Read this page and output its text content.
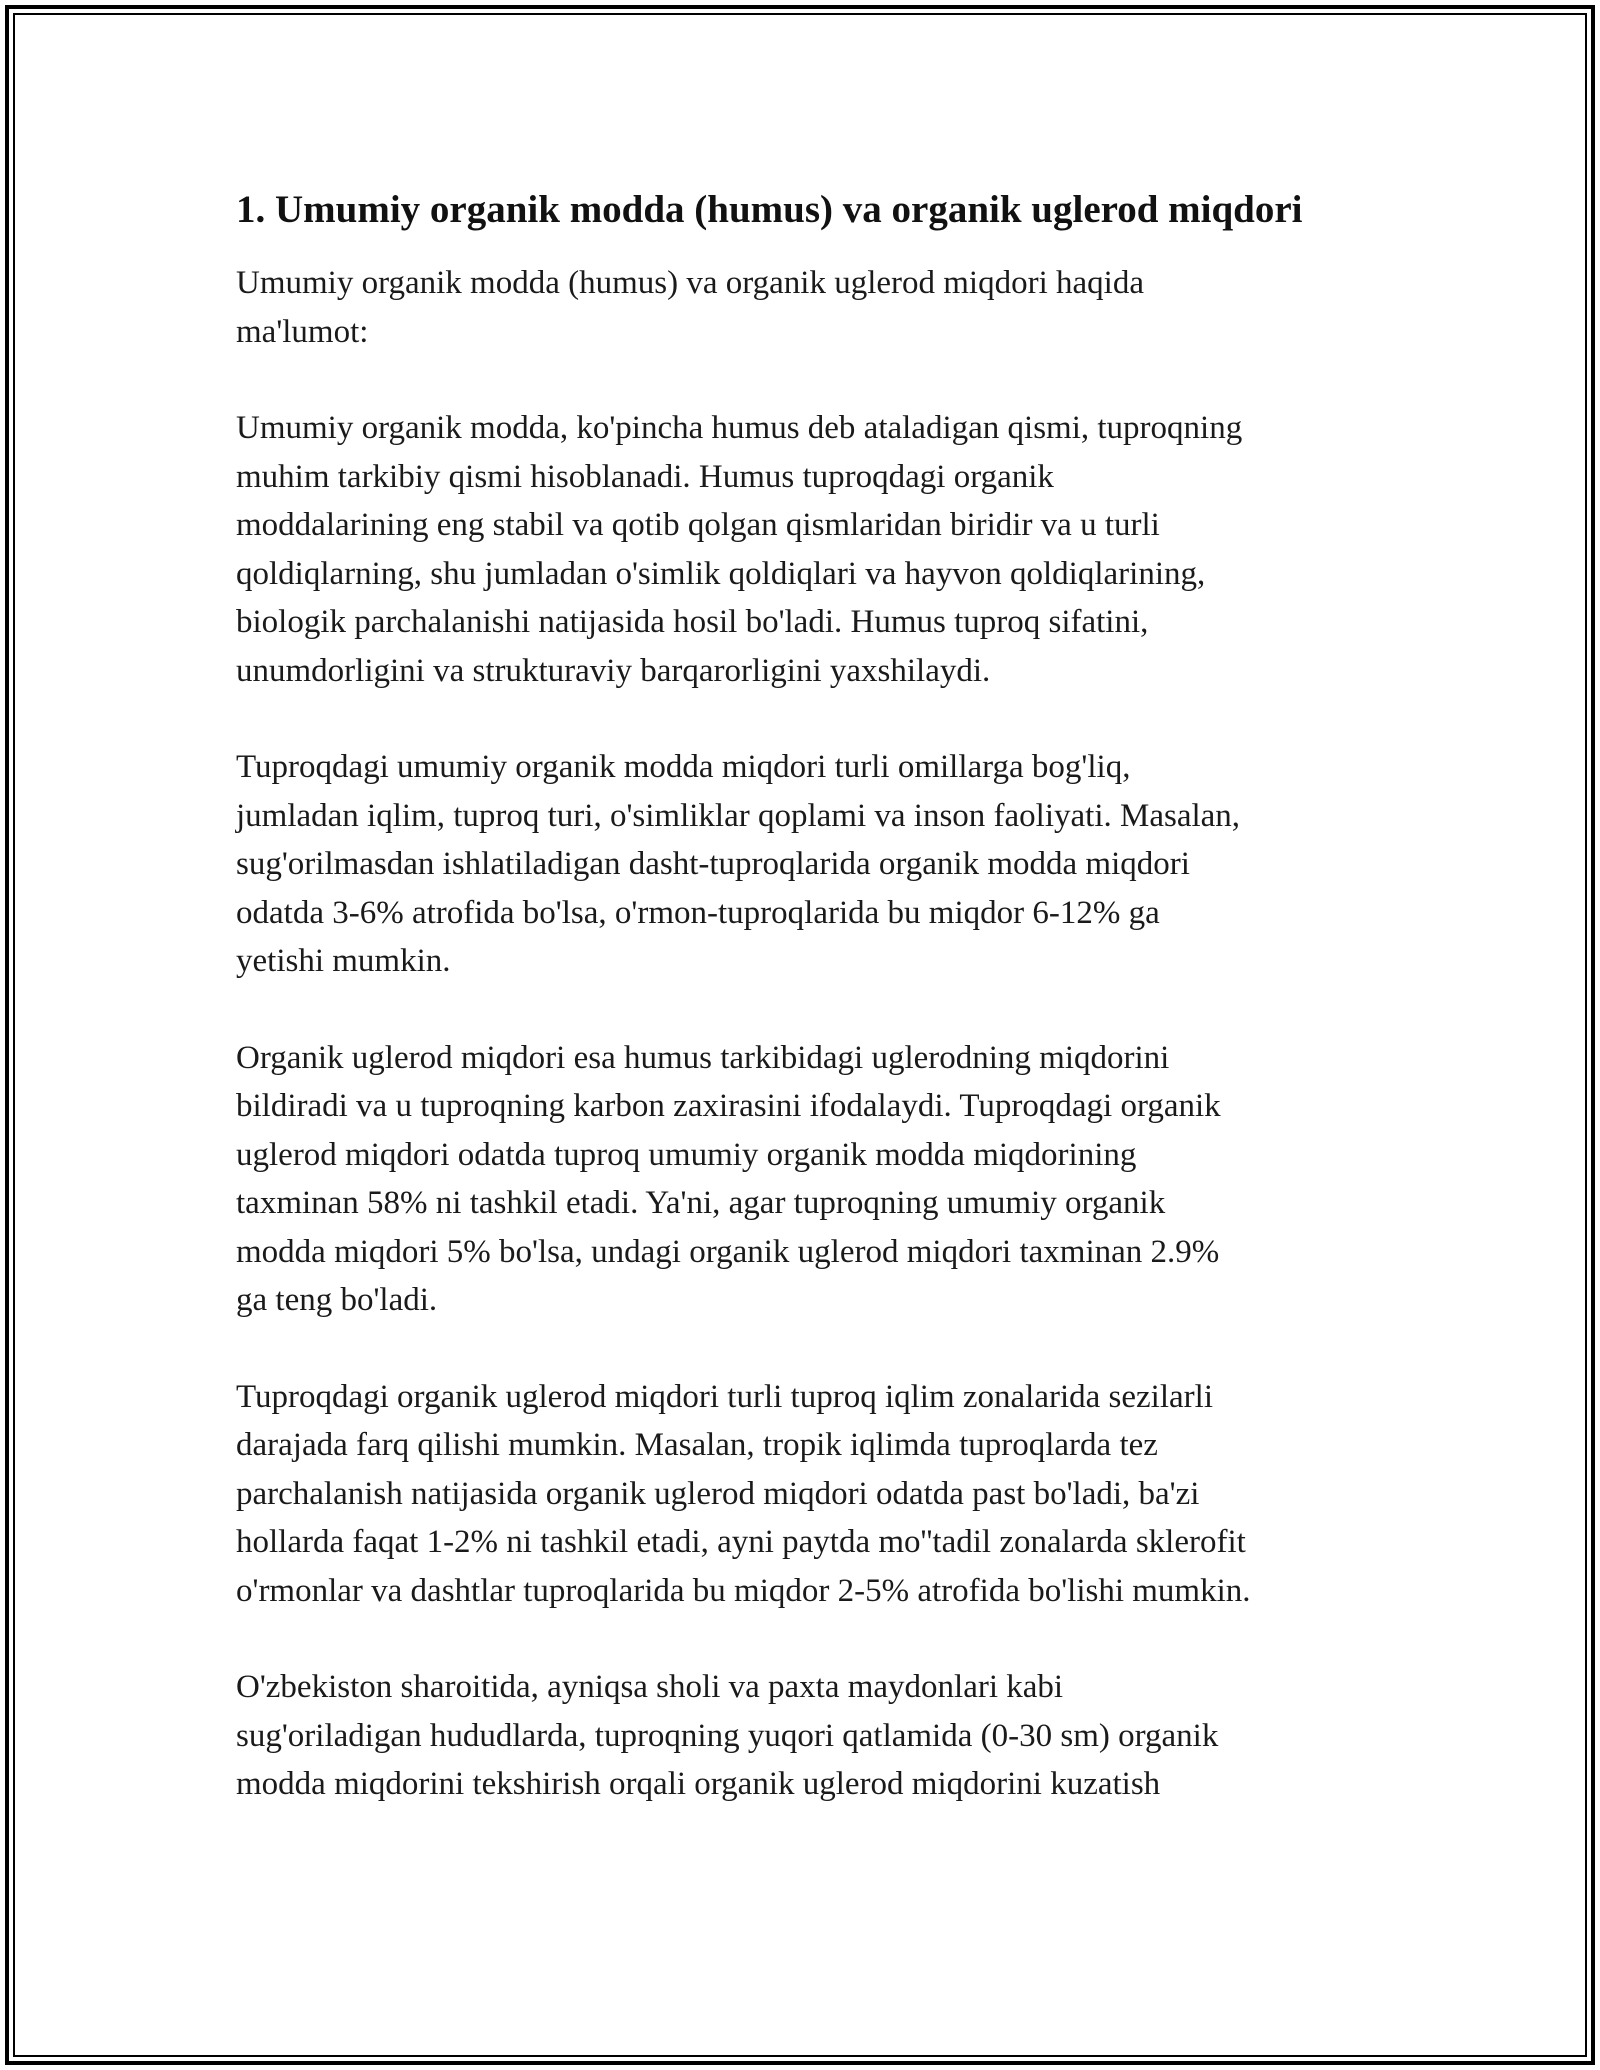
1. Umumiy organik modda (humus) va organik uglerod miqdori

Umumiy organik modda (humus) va organik uglerod miqdori haqida
ma'lumot:

Umumiy organik modda, ko'pincha humus deb ataladigan qismi, tuproqning
muhim tarkibiy qismi hisoblanadi. Humus tuproqdagi organik
moddalarining eng stabil va qotib qolgan qismlaridan biridir va u turli
qoldiqlarning, shu jumladan o'simlik qoldiqlari va hayvon qoldiqlarining,
biologik parchalanishi natijasida hosil bo'ladi. Humus tuproq sifatini,
unumdorligini va strukturaviy barqarorligini yaxshilaydi.

Tuproqdagi umumiy organik modda miqdori turli omillarga bog'liq,
jumladan iqlim, tuproq turi, o'simliklar qoplami va inson faoliyati. Masalan,
sug'orilmasdan ishlatiladigan dasht-tuproqlarida organik modda miqdori
odatda 3-6% atrofida bo'lsa, o'rmon-tuproqlarida bu miqdor 6-12% ga
yetishi mumkin.

Organik uglerod miqdori esa humus tarkibidagi uglerodning miqdorini
bildiradi va u tuproqning karbon zaxirasini ifodalaydi. Tuproqdagi organik
uglerod miqdori odatda tuproq umumiy organik modda miqdorining
taxminan 58% ni tashkil etadi. Ya'ni, agar tuproqning umumiy organik
modda miqdori 5% bo'lsa, undagi organik uglerod miqdori taxminan 2.9%
ga teng bo'ladi.

Tuproqdagi organik uglerod miqdori turli tuproq iqlim zonalarida sezilarli
darajada farq qilishi mumkin. Masalan, tropik iqlimda tuproqlarda tez
parchalanish natijasida organik uglerod miqdori odatda past bo'ladi, ba'zi
hollarda faqat 1-2% ni tashkil etadi, ayni paytda mo''tadil zonalarda sklerofit
o'rmonlar va dashtlar tuproqlarida bu miqdor 2-5% atrofida bo'lishi mumkin.

O'zbekiston sharoitida, ayniqsa sholi va paxta maydonlari kabi
sug'oriladigan hududlarda, tuproqning yuqori qatlamida (0-30 sm) organik
modda miqdorini tekshirish orqali organik uglerod miqdorini kuzatish
